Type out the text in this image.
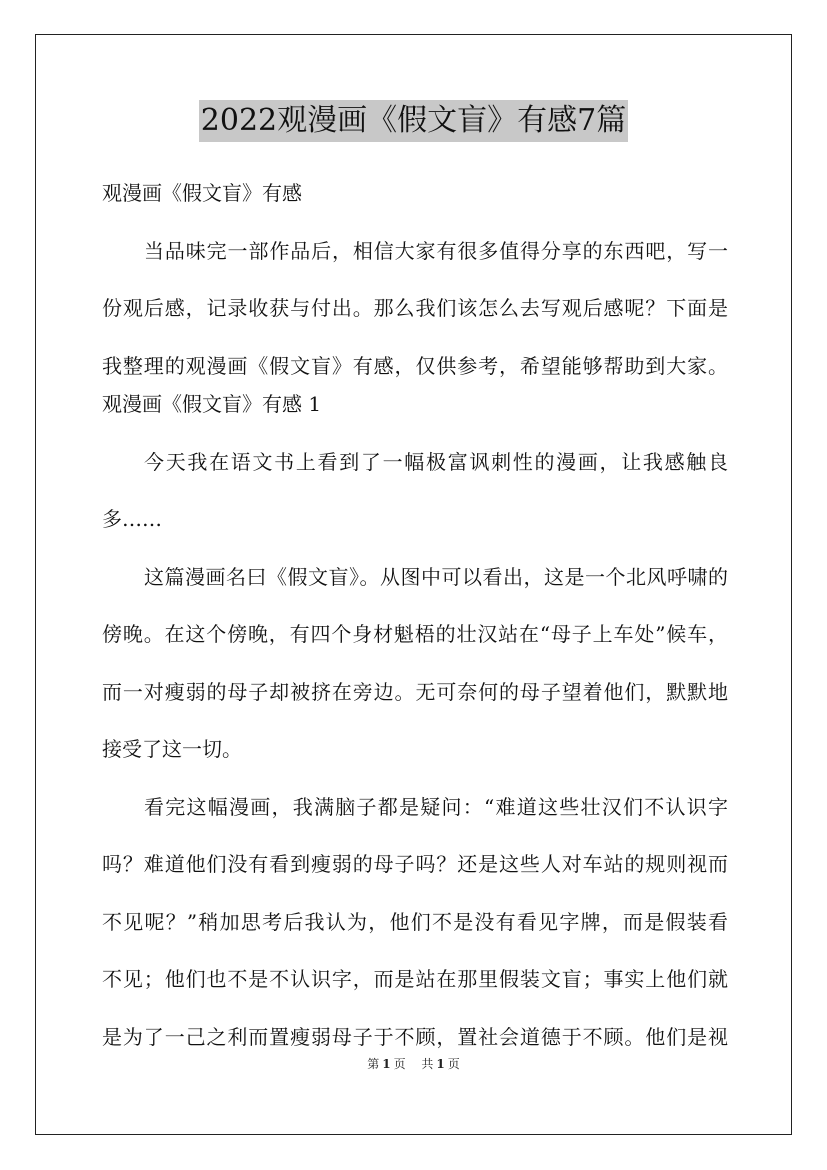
2022观漫画《假文盲》有感7篇
观漫画《假文盲》有感
当品味完一部作品后，相信大家有很多值得分享的东西吧，写一
份观后感，记录收获与付出。那么我们该怎么去写观后感呢？下面是
我整理的观漫画《假文盲》有感，仅供参考，希望能够帮助到大家。
观漫画《假文盲》有感 1
今天我在语文书上看到了一幅极富讽刺性的漫画，让我感触良
多……
这篇漫画名曰《假文盲》。从图中可以看出，这是一个北风呼啸的
傍晚。在这个傍晚，有四个身材魁梧的壮汉站在“母子上车处”候车，
而一对瘦弱的母子却被挤在旁边。无可奈何的母子望着他们，默默地
接受了这一切。
看完这幅漫画，我满脑子都是疑问：“难道这些壮汉们不认识字
吗？难道他们没有看到瘦弱的母子吗？还是这些人对车站的规则视而
不见呢？”稍加思考后我认为，他们不是没有看见字牌，而是假装看
不见；他们也不是不认识字，而是站在那里假装文盲；事实上他们就
是为了一己之利而置瘦弱母子于不顾，置社会道德于不顾。他们是视
第 1 页 共 1 页
